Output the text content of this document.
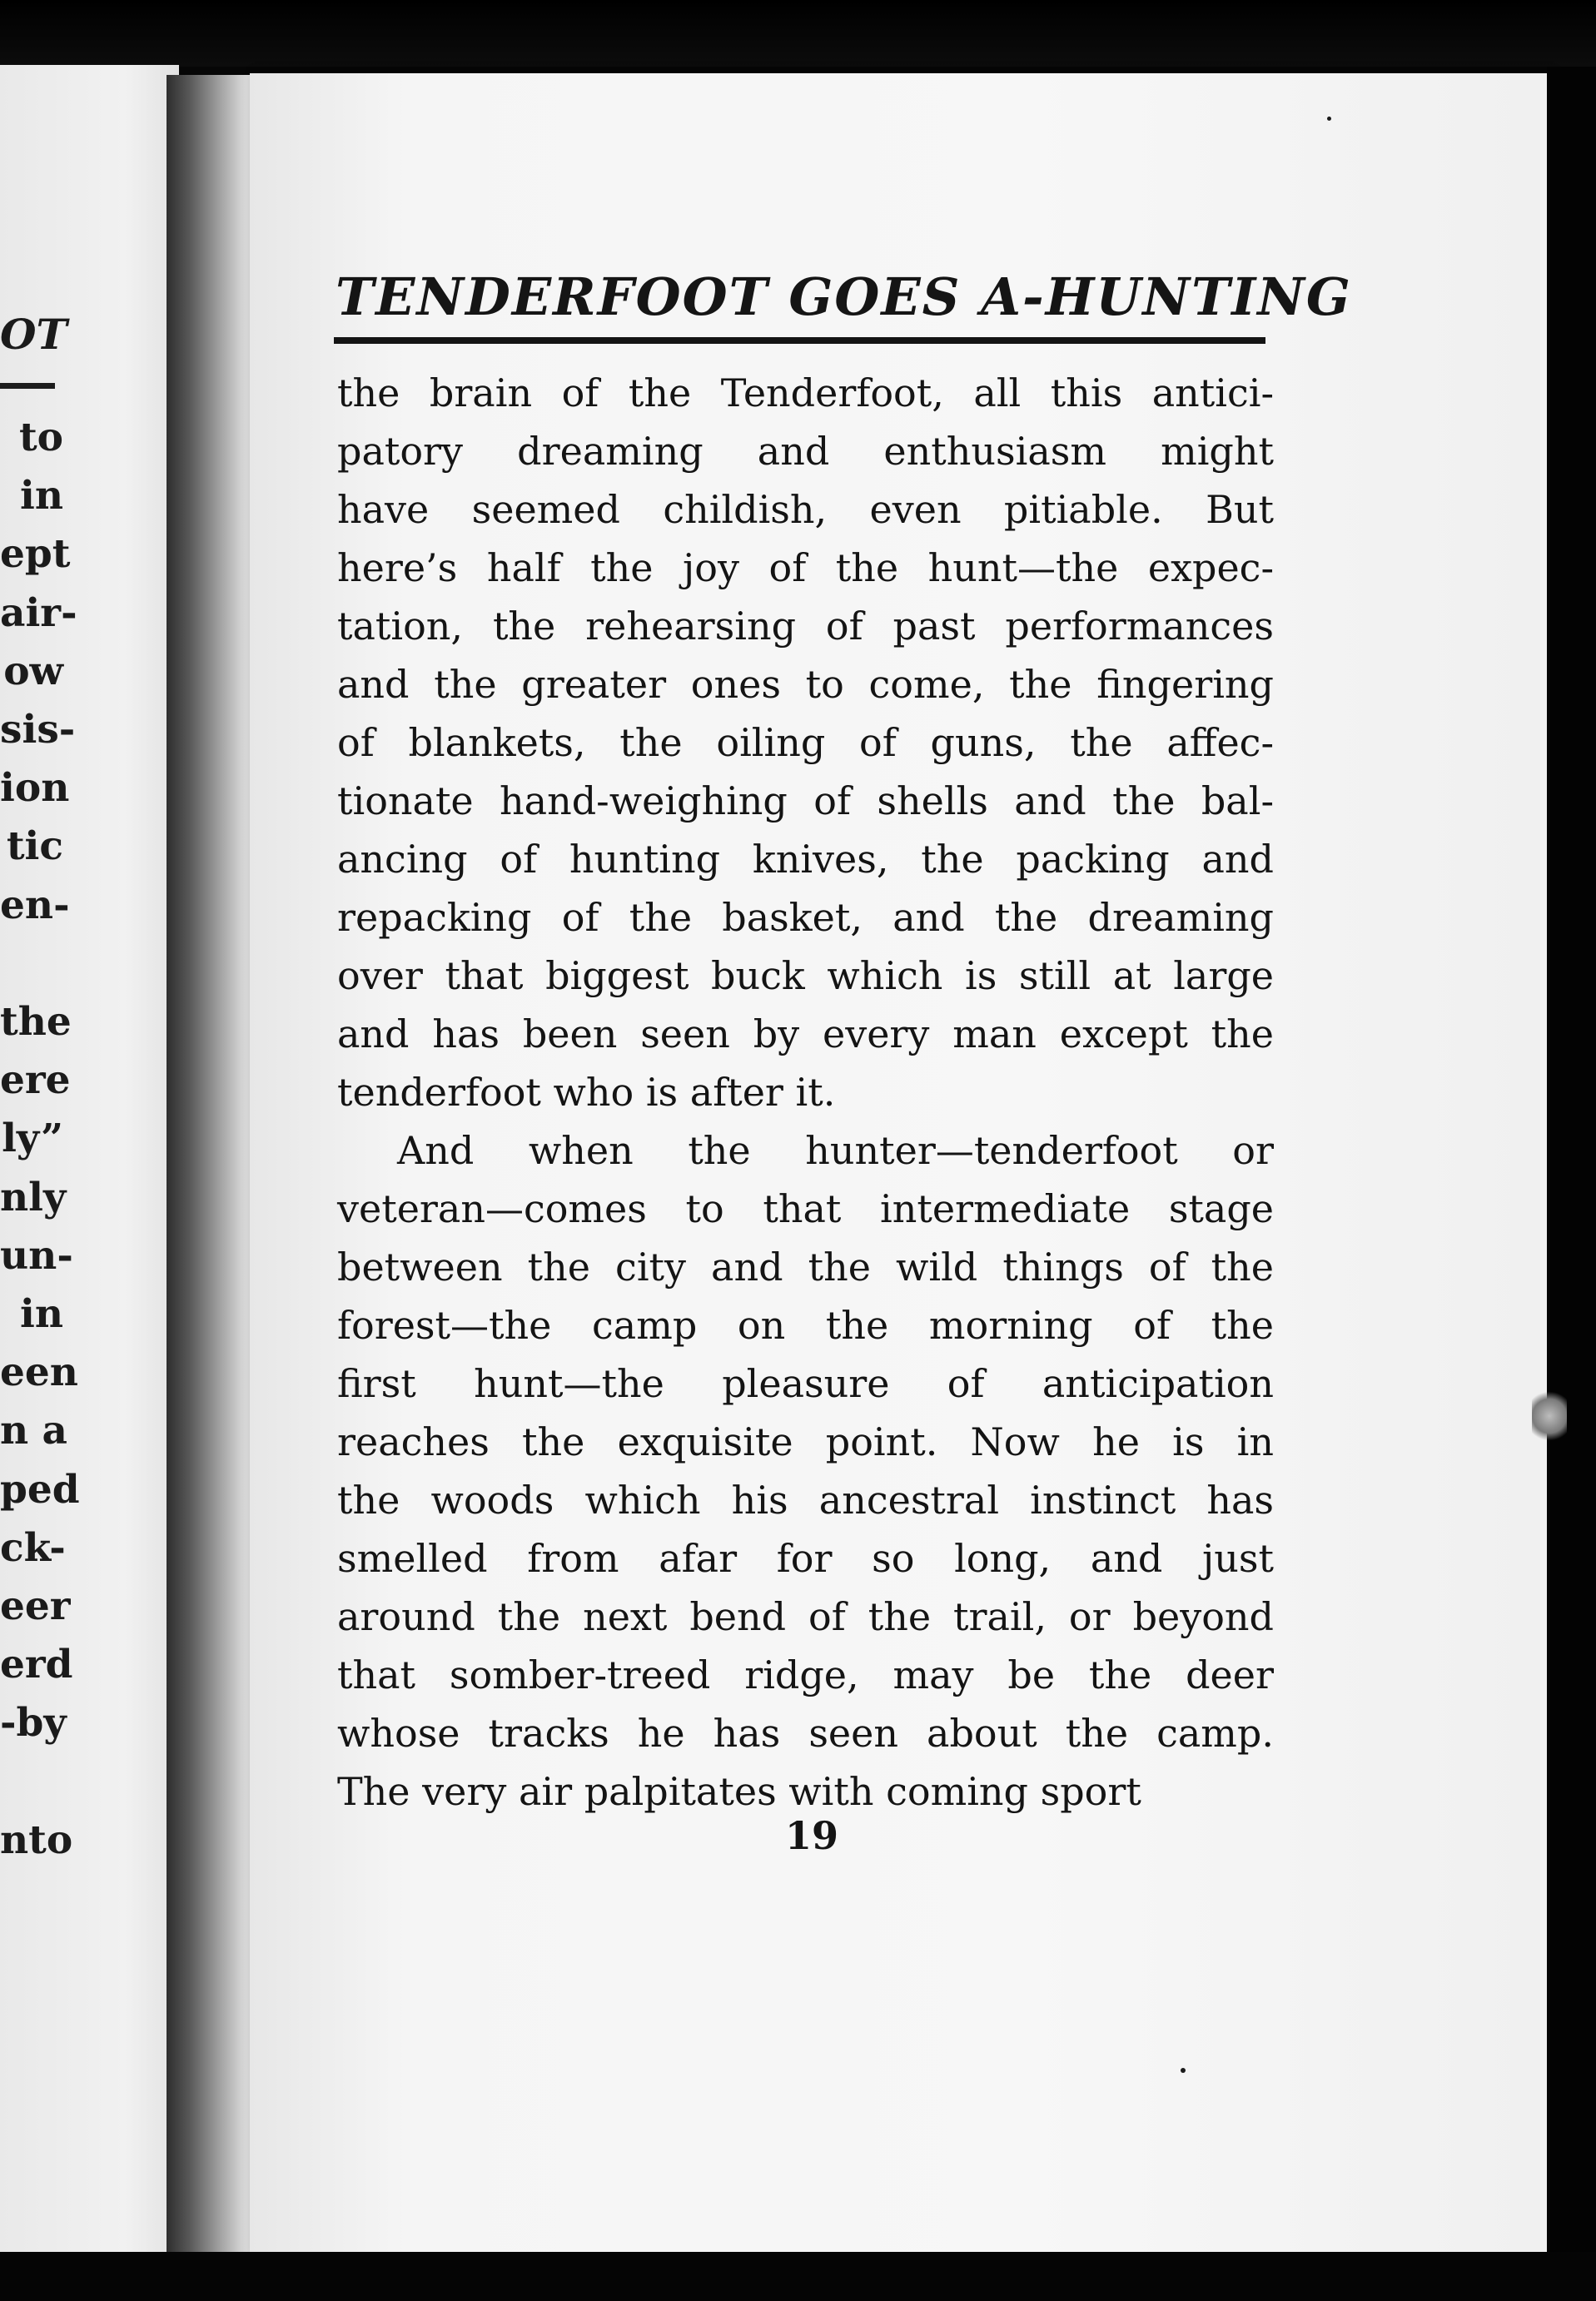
OT
to
in
ept
air-
ow
sis-
ion
tic
en-
the
ere
ly”
nly
un-
in
een
n a
ped
ck-
eer
erd
-by
nto
TENDERFOOT GOES A-HUNTING
the brain of the Tenderfoot, all this antici-
patory dreaming and enthusiasm might
have seemed childish, even pitiable. But
here’s half the joy of the hunt—the expec-
tation, the rehearsing of past performances
and the greater ones to come, the fingering
of blankets, the oiling of guns, the affec-
tionate hand-weighing of shells and the bal-
ancing of hunting knives, the packing and
repacking of the basket, and the dreaming
over that biggest buck which is still at large
and has been seen by every man except the
tenderfoot who is after it.
And when the hunter—tenderfoot or
veteran—comes to that intermediate stage
between the city and the wild things of the
forest—the camp on the morning of the
first hunt—the pleasure of anticipation
reaches the exquisite point. Now he is in
the woods which his ancestral instinct has
smelled from afar for so long, and just
around the next bend of the trail, or beyond
that somber-treed ridge, may be the deer
whose tracks he has seen about the camp.
The very air palpitates with coming sport
19
